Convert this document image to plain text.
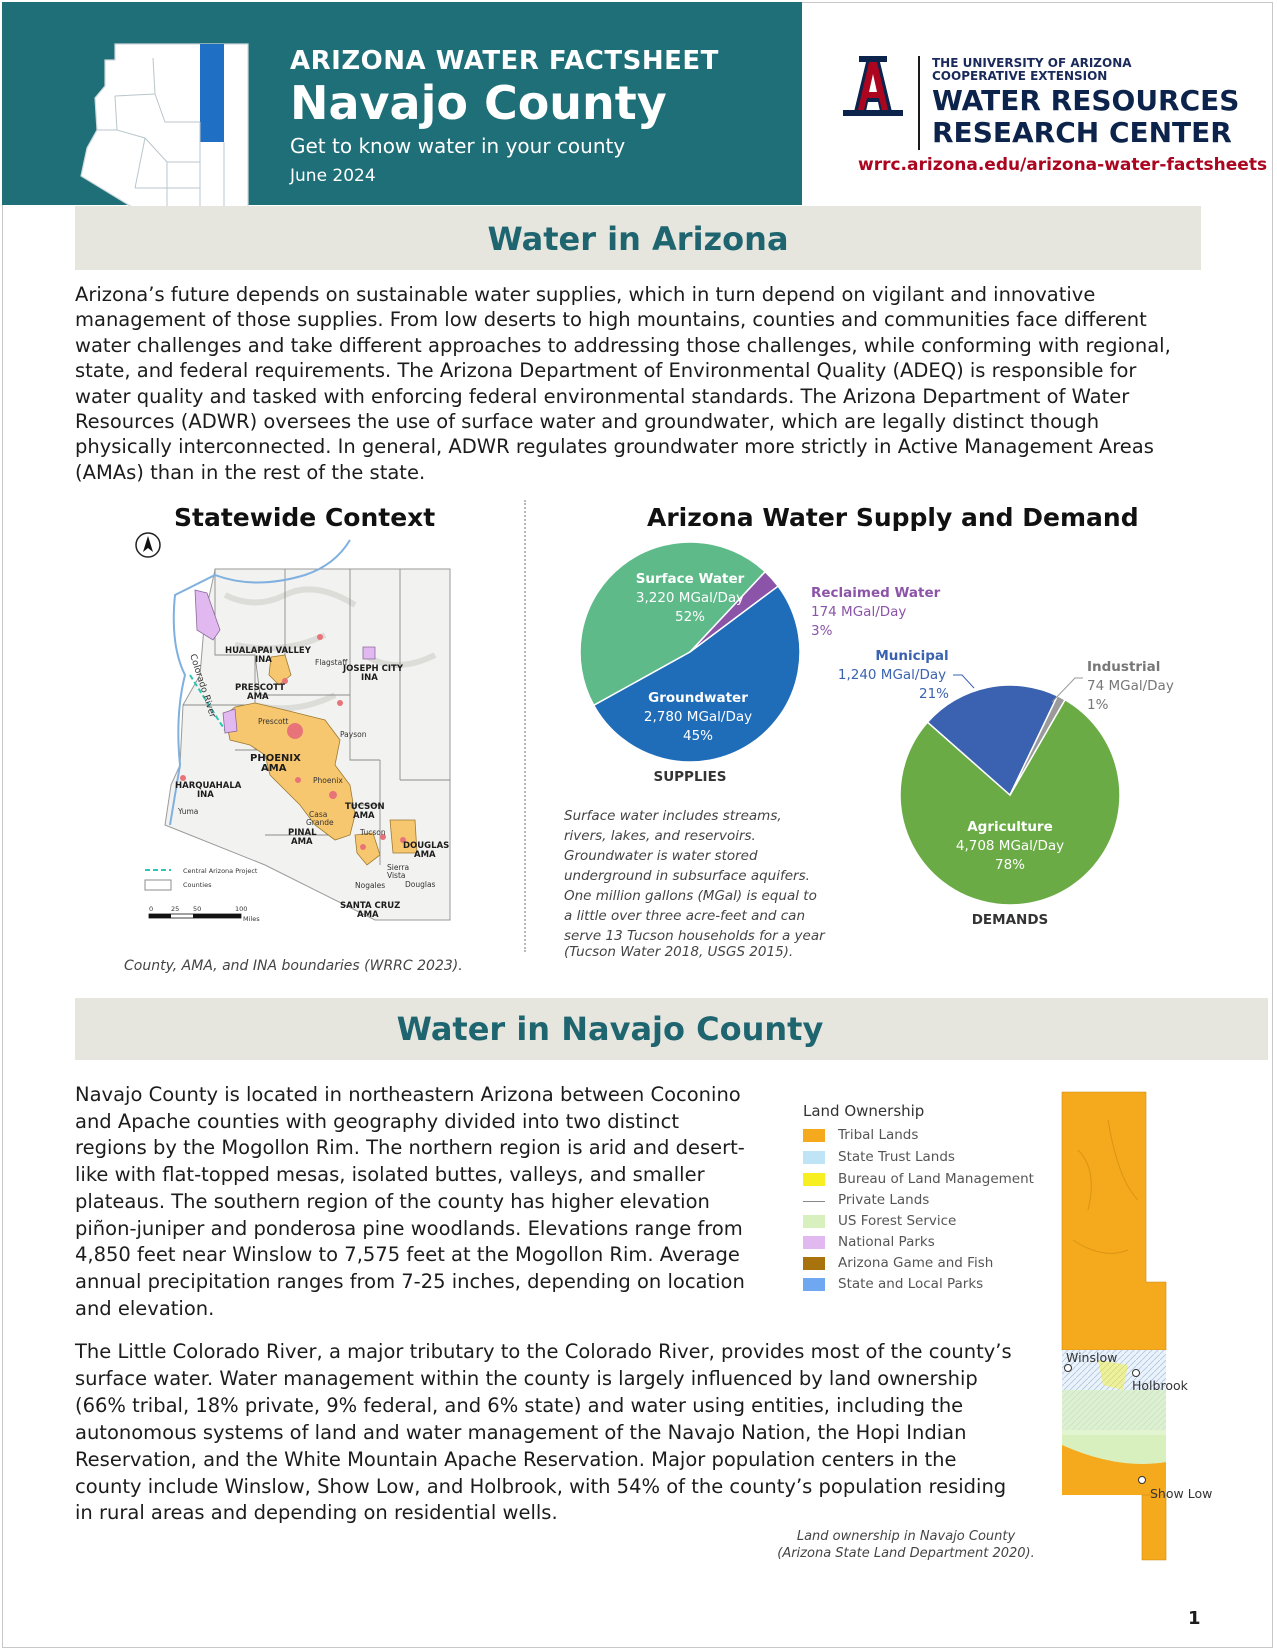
ARIZONA WATER FACTSHEET
Navajo County
Get to know water in your county
June 2024
THE UNIVERSITY OF ARIZONA
COOPERATIVE EXTENSION
WATER RESOURCES
RESEARCH CENTER
wrrc.arizona.edu/arizona-water-factsheets
Water in Arizona
Arizona’s future depends on sustainable water supplies, which in turn depend on vigilant and innovative
management of those supplies. From low deserts to high mountains, counties and communities face different
water challenges and take different approaches to addressing those challenges, while conforming with regional,
state, and federal requirements. The Arizona Department of Environmental Quality (ADEQ) is responsible for
water quality and tasked with enforcing federal environmental standards. The Arizona Department of Water
Resources (ADWR) oversees the use of surface water and groundwater, which are legally distinct though
physically interconnected. In general, ADWR regulates groundwater more strictly in Active Management Areas
(AMAs) than in the rest of the state.
Statewide Context
HUALAPAI VALLEY
INA
JOSEPH CITY
INA
PRESCOTT
AMA
PHOENIX
AMA
HARQUAHALA
INA
TUCSON
AMA
PINAL
AMA	DOUGLAS
AMA
SANTA CRUZ
AMA
Flagstaff
Prescott
Payson
Phoenix
Yuma	Casa
Grande
Tucson
Sierra
Vista
Nogales	Douglas
Colorado River
Central Arizona Project
Counties
0	25 50	100
Miles
County, AMA, and INA boundaries (WRRC 2023).
Arizona Water Supply and Demand
Surface Water
3,220 MGal/Day
52%
Groundwater
2,780 MGal/Day
45%
Reclaimed Water
174 MGal/Day
3%
SUPPLIES
Municipal
1,240 MGal/Day
21%
Industrial
74 MGal/Day
1%
Agriculture
4,708 MGal/Day
78%
DEMANDS
Surface water includes streams,
rivers, lakes, and reservoirs.
Groundwater is water stored
underground in subsurface aquifers.
One million gallons (MGal) is equal to
a little over three acre-feet and can
serve 13 Tucson households for a year
(Tucson Water 2018, USGS 2015).
Water in Navajo County
Navajo County is located in northeastern Arizona between Coconino
and Apache counties with geography divided into two distinct
regions by the Mogollon Rim. The northern region is arid and desert-
like with flat-topped mesas, isolated buttes, valleys, and smaller
plateaus. The southern region of the county has higher elevation
piñon-juniper and ponderosa pine woodlands. Elevations range from
4,850 feet near Winslow to 7,575 feet at the Mogollon Rim. Average
annual precipitation ranges from 7-25 inches, depending on location
and elevation.
The Little Colorado River, a major tributary to the Colorado River, provides most of the county’s
surface water. Water management within the county is largely influenced by land ownership
(66% tribal, 18% private, 9% federal, and 6% state) and water using entities, including the
autonomous systems of land and water management of the Navajo Nation, the Hopi Indian
Reservation, and the White Mountain Apache Reservation. Major population centers in the
county include Winslow, Show Low, and Holbrook, with 54% of the county’s population residing
in rural areas and depending on residential wells.
Land Ownership
Tribal Lands
State Trust Lands
Bureau of Land Management
Private Lands
US Forest Service
National Parks
Arizona Game and Fish
State and Local Parks
Winslow
Holbrook
Show Low
Land ownership in Navajo County
(Arizona State Land Department 2020).
1
